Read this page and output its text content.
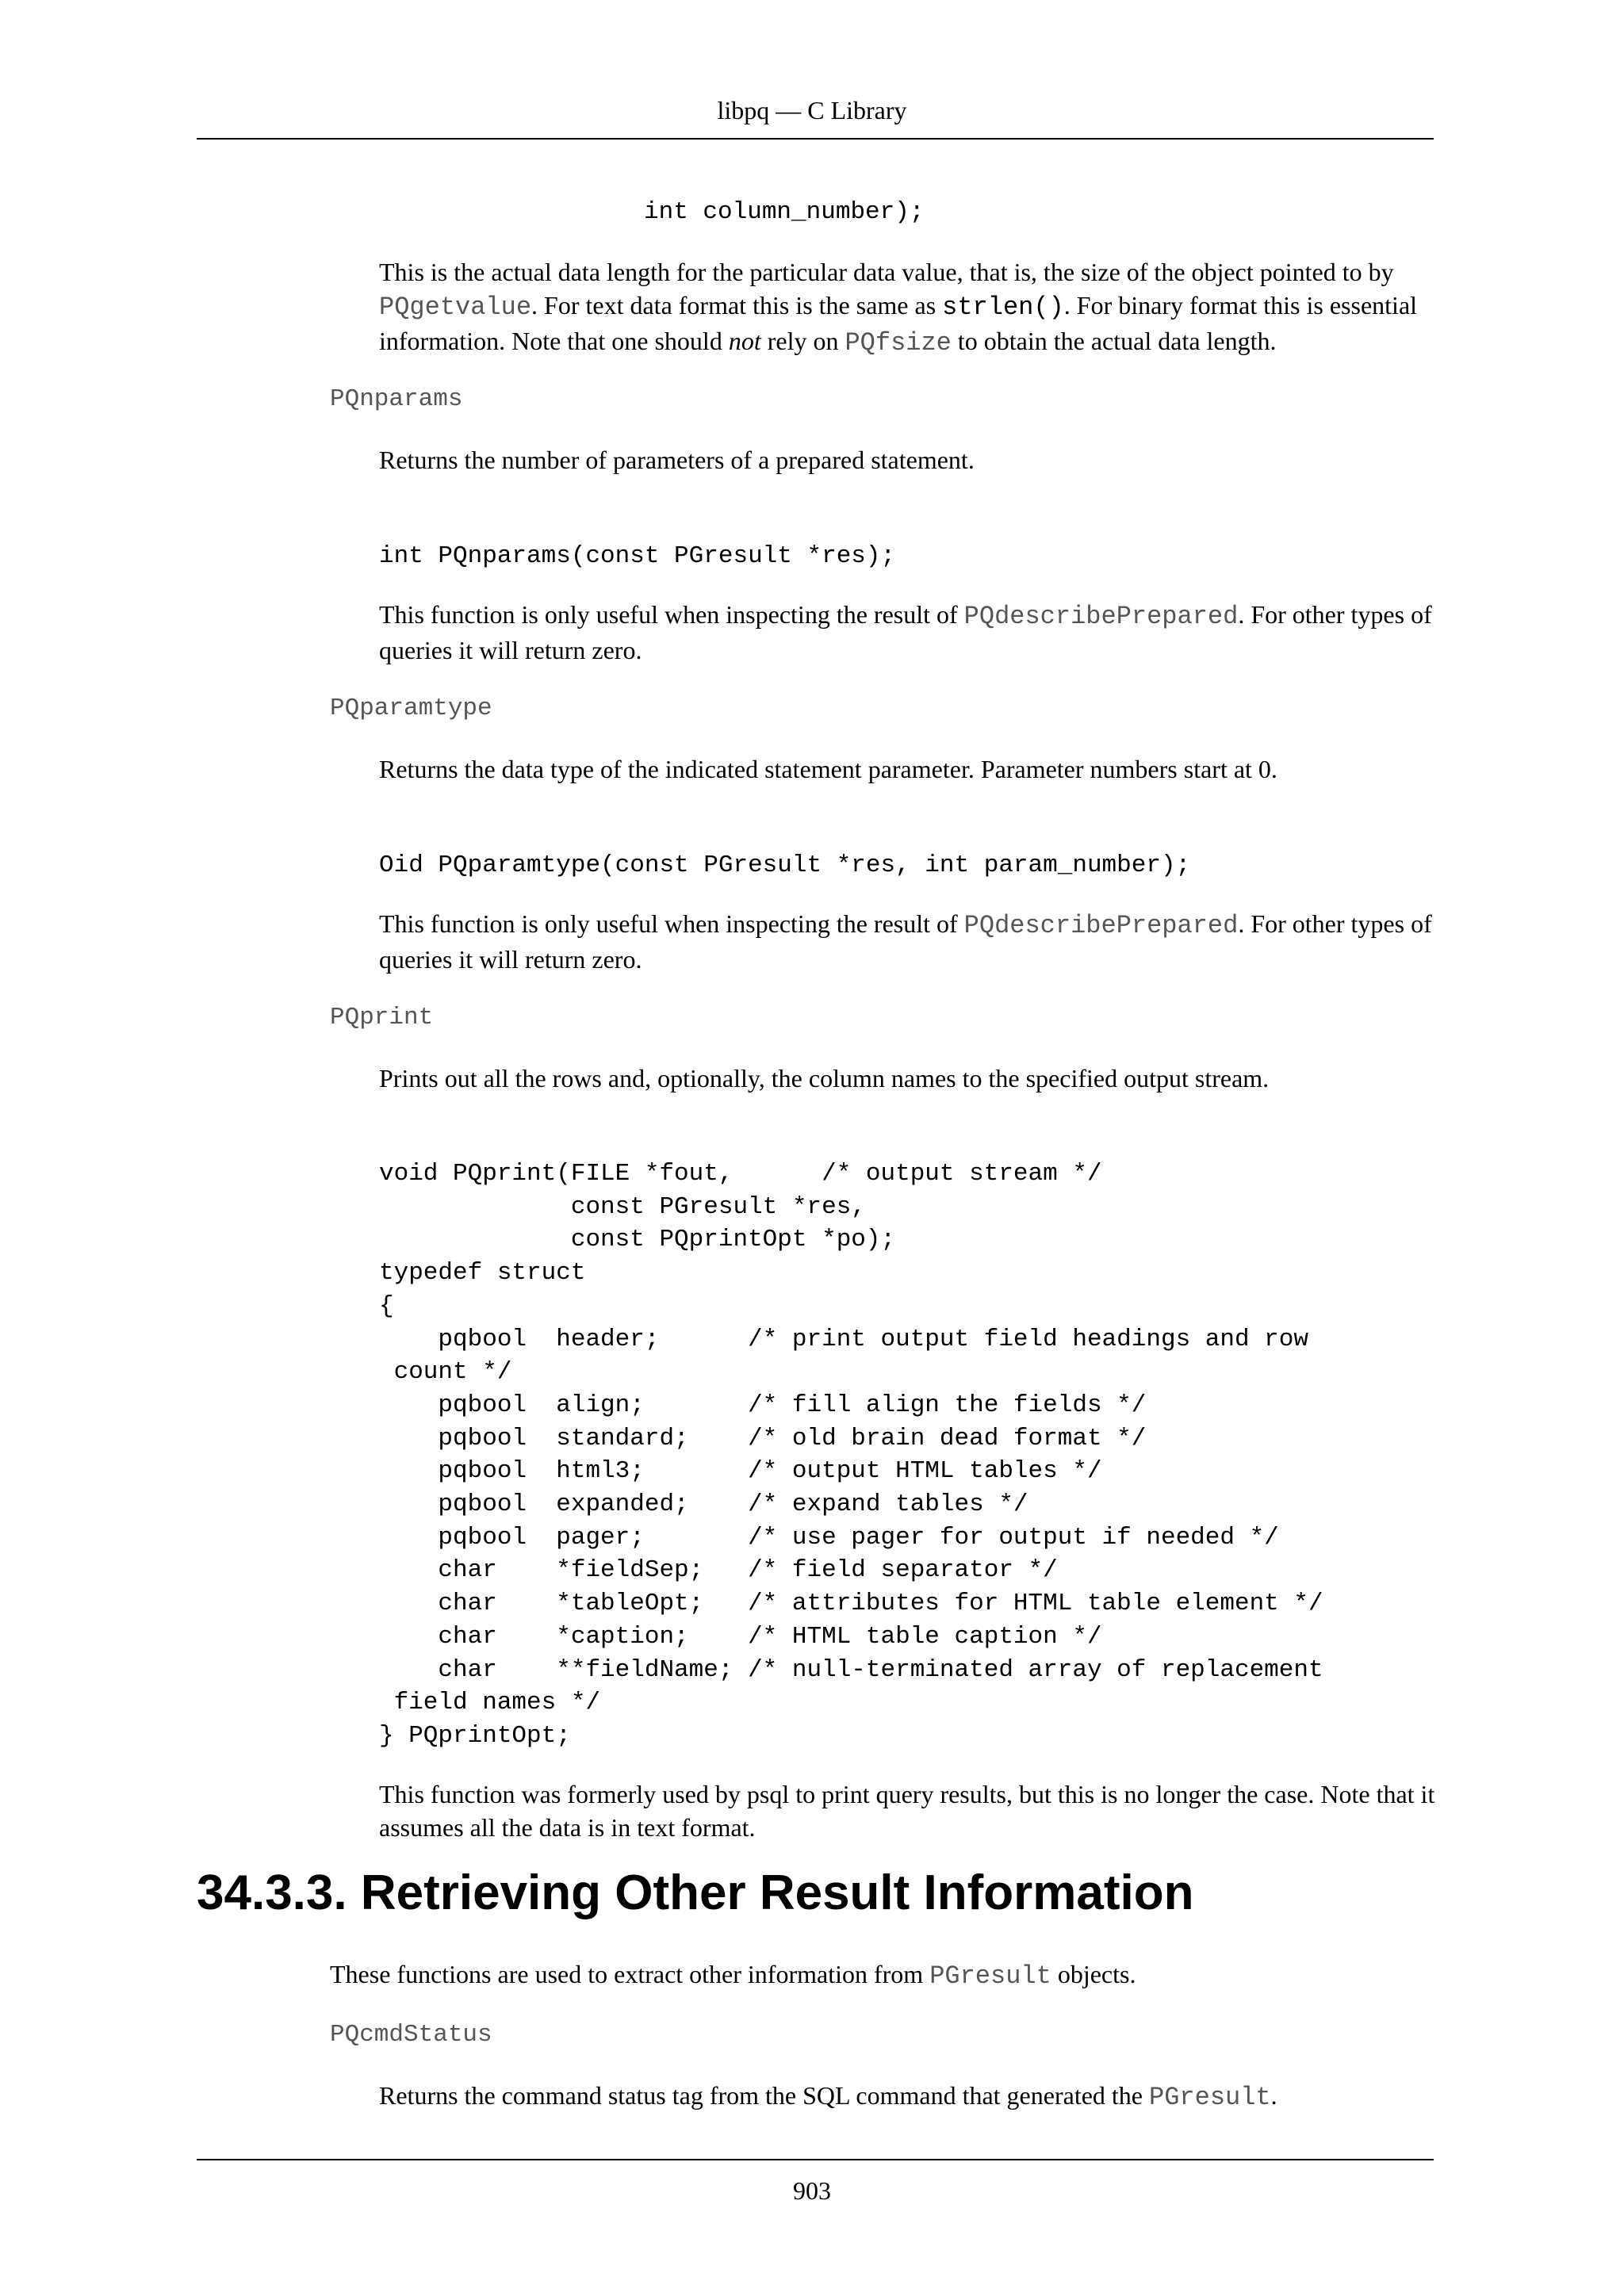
libpq — C Library
int column_number);
This is the actual data length for the particular data value, that is, the size of the object pointed to by PQgetvalue. For text data format this is the same as strlen(). For binary format this is essential information. Note that one should not rely on PQfsize to obtain the actual data length.
PQnparams
Returns the number of parameters of a prepared statement.
int PQnparams(const PGresult *res);
This function is only useful when inspecting the result of PQdescribePrepared. For other types of queries it will return zero.
PQparamtype
Returns the data type of the indicated statement parameter. Parameter numbers start at 0.
Oid PQparamtype(const PGresult *res, int param_number);
This function is only useful when inspecting the result of PQdescribePrepared. For other types of queries it will return zero.
PQprint
Prints out all the rows and, optionally, the column names to the specified output stream.
void PQprint(FILE *fout,      /* output stream */
const PGresult *res,
const PQprintOpt *po);
typedef struct
{
pqbool  header;      /* print output field headings and row
count */
pqbool  align;       /* fill align the fields */
pqbool  standard;    /* old brain dead format */
pqbool  html3;       /* output HTML tables */
pqbool  expanded;    /* expand tables */
pqbool  pager;       /* use pager for output if needed */
char    *fieldSep;   /* field separator */
char    *tableOpt;   /* attributes for HTML table element */
char    *caption;    /* HTML table caption */
char    **fieldName; /* null-terminated array of replacement
field names */
} PQprintOpt;
This function was formerly used by psql to print query results, but this is no longer the case. Note that it assumes all the data is in text format.
34.3.3. Retrieving Other Result Information
These functions are used to extract other information from PGresult objects.
PQcmdStatus
Returns the command status tag from the SQL command that generated the PGresult.
903
